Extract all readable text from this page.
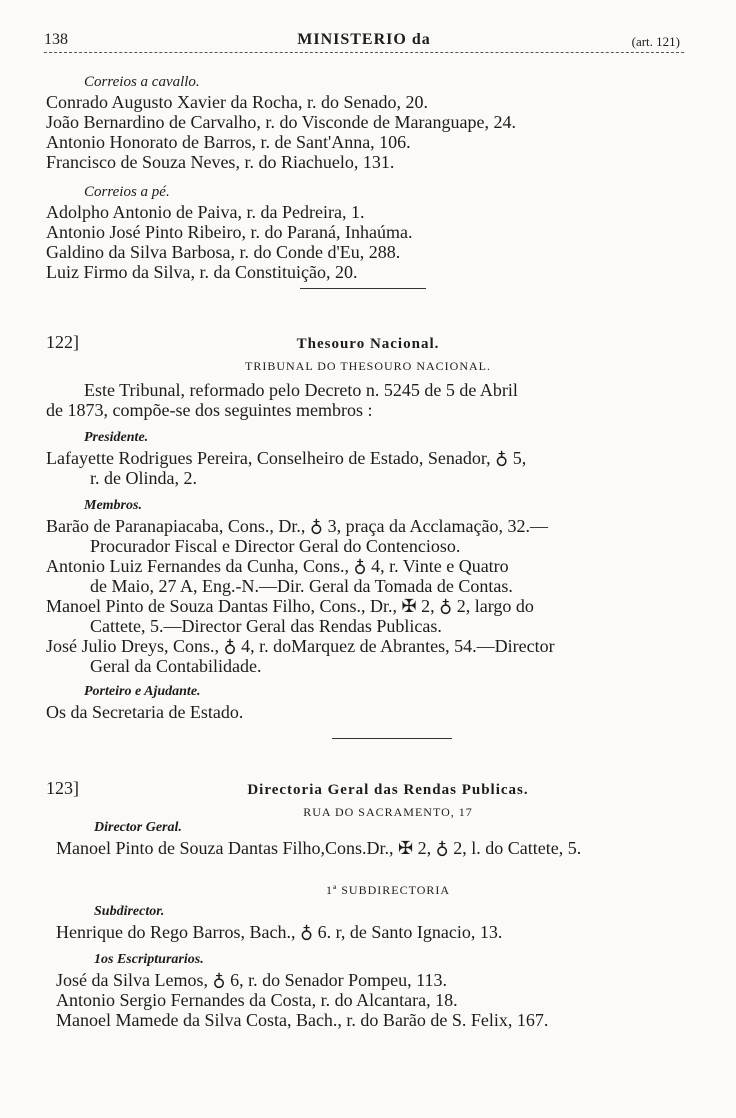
138	MINISTERIO da	(art. 121)
Correios a cavallo.
Conrado Augusto Xavier da Rocha, r. do Senado, 20.
João Bernardino de Carvalho, r. do Visconde de Maranguape, 24.
Antonio Honorato de Barros, r. de Sant'Anna, 106.
Francisco de Souza Neves, r. do Riachuelo, 131.
Correios a pé.
Adolpho Antonio de Paiva, r. da Pedreira, 1.
Antonio José Pinto Ribeiro, r. do Paraná, Inhaúma.
Galdino da Silva Barbosa, r. do Conde d'Eu, 288.
Luiz Firmo da Silva, r. da Constituição, 20.
122]	Thesouro Nacional.
TRIBUNAL DO THESOURO NACIONAL.
Este Tribunal, reformado pelo Decreto n. 5245 de 5 de Abril
de 1873, compõe-se dos seguintes membros :
Presidente.
Lafayette Rodrigues Pereira, Conselheiro de Estado, Senador, ♁ 5,
r. de Olinda, 2.
Membros.
Barão de Paranapiacaba, Cons., Dr., ♁ 3, praça da Acclamação, 32.—
Procurador Fiscal e Director Geral do Contencioso.
Antonio Luiz Fernandes da Cunha, Cons., ♁ 4, r. Vinte e Quatro
de Maio, 27 A, Eng.-N.—Dir. Geral da Tomada de Contas.
Manoel Pinto de Souza Dantas Filho, Cons., Dr., ✠ 2, ♁ 2, largo do
Cattete, 5.—Director Geral das Rendas Publicas.
José Julio Dreys, Cons., ♁ 4, r. doMarquez de Abrantes, 54.—Director
Geral da Contabilidade.
Porteiro e Ajudante.
Os da Secretaria de Estado.
123]	Directoria Geral das Rendas Publicas.
RUA DO SACRAMENTO, 17
Director Geral.
Manoel Pinto de Souza Dantas Filho,Cons.Dr., ✠ 2, ♁ 2, l. do Cattete, 5.
1ª SUBDIRECTORIA
Subdirector.
Henrique do Rego Barros, Bach., ♁ 6. r, de Santo Ignacio, 13.
1os Escripturarios.
José da Silva Lemos, ♁ 6, r. do Senador Pompeu, 113.
Antonio Sergio Fernandes da Costa, r. do Alcantara, 18.
Manoel Mamede da Silva Costa, Bach., r. do Barão de S. Felix, 167.
